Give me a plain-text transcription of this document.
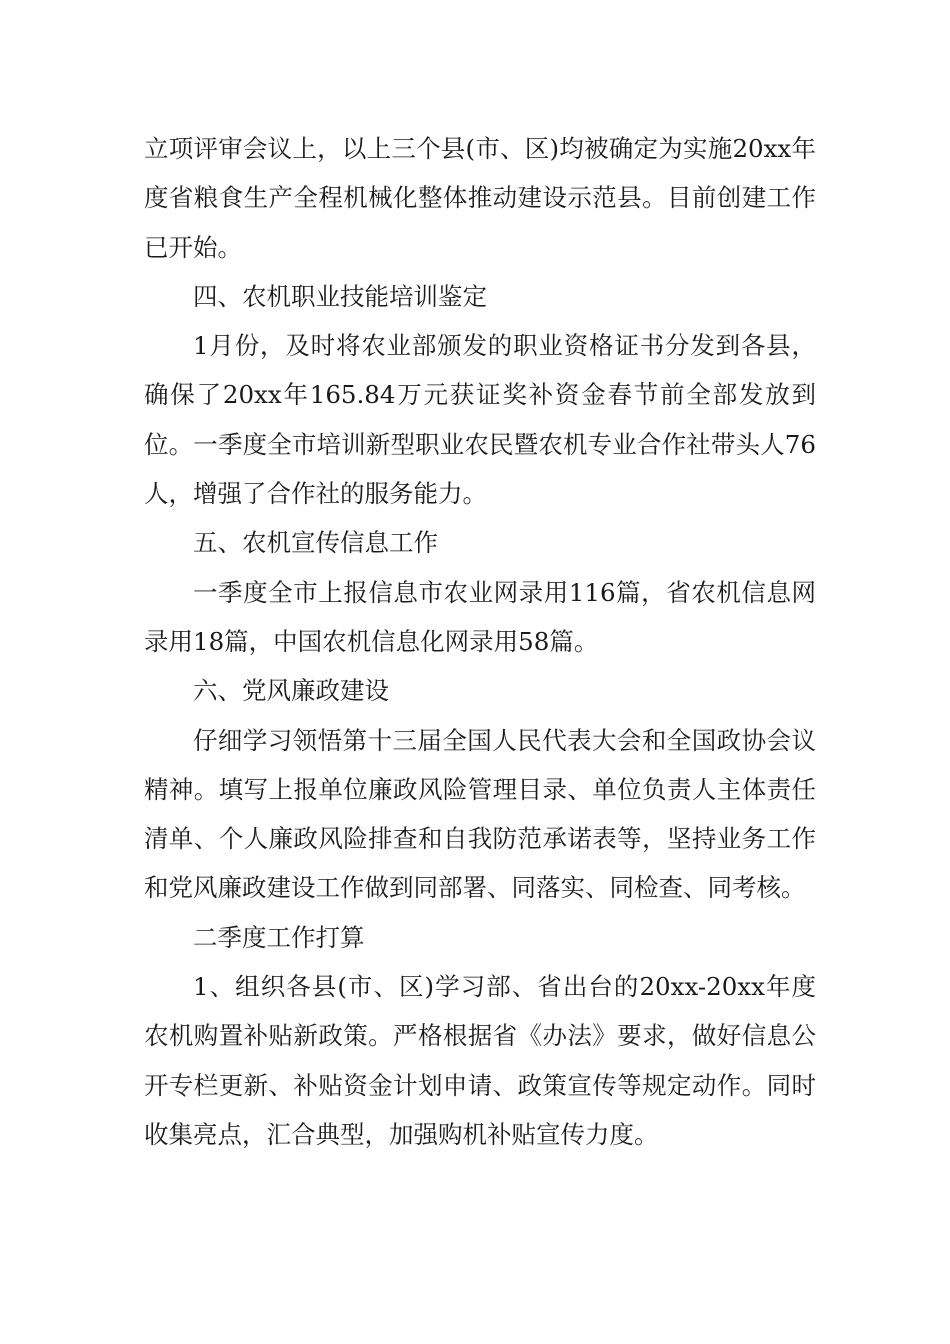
立项评审会议上，以上三个县(市、区)均被确定为实施20xx年度省粮食生产全程机械化整体推动建设示范县。目前创建工作已开始。

四、农机职业技能培训鉴定

1月份，及时将农业部颁发的职业资格证书分发到各县，确保了20xx年165.84万元获证奖补资金春节前全部发放到位。一季度全市培训新型职业农民暨农机专业合作社带头人76人，增强了合作社的服务能力。

五、农机宣传信息工作

一季度全市上报信息市农业网录用116篇，省农机信息网录用18篇，中国农机信息化网录用58篇。

六、党风廉政建设

仔细学习领悟第十三届全国人民代表大会和全国政协会议精神。填写上报单位廉政风险管理目录、单位负责人主体责任清单、个人廉政风险排查和自我防范承诺表等，坚持业务工作和党风廉政建设工作做到同部署、同落实、同检查、同考核。

二季度工作打算

1、组织各县(市、区)学习部、省出台的20xx-20xx年度农机购置补贴新政策。严格根据省《办法》要求，做好信息公开专栏更新、补贴资金计划申请、政策宣传等规定动作。同时收集亮点，汇合典型，加强购机补贴宣传力度。
